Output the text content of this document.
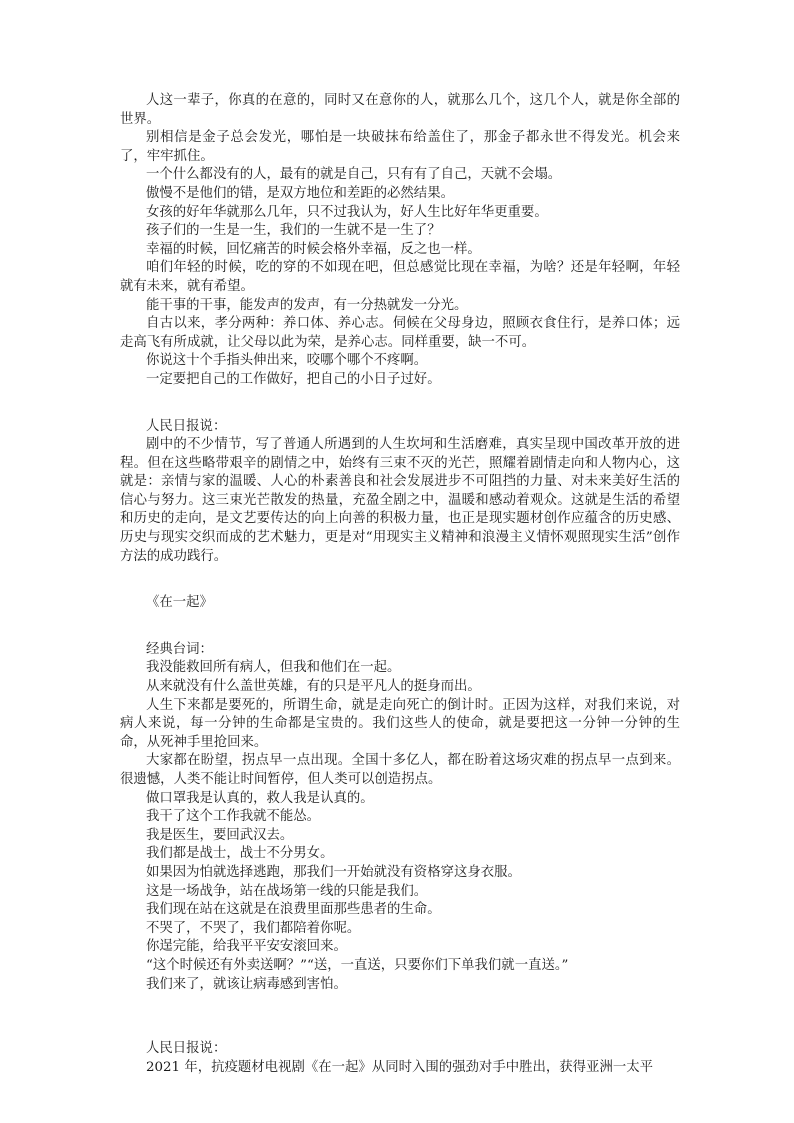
人这一辈子，你真的在意的，同时又在意你的人，就那么几个，这几个人，就是你全部的世界。

别相信是金子总会发光，哪怕是一块破抹布给盖住了，那金子都永世不得发光。机会来了，牢牢抓住。

一个什么都没有的人，最有的就是自己，只有有了自己，天就不会塌。

傲慢不是他们的错，是双方地位和差距的必然结果。

女孩的好年华就那么几年，只不过我认为，好人生比好年华更重要。

孩子们的一生是一生，我们的一生就不是一生了？

幸福的时候，回忆痛苦的时候会格外幸福，反之也一样。

咱们年轻的时候，吃的穿的不如现在吧，但总感觉比现在幸福，为啥？还是年轻啊，年轻就有未来，就有希望。

能干事的干事，能发声的发声，有一分热就发一分光。

自古以来，孝分两种：养口体、养心志。伺候在父母身边，照顾衣食住行，是养口体；远走高飞有所成就，让父母以此为荣，是养心志。同样重要，缺一不可。

你说这十个手指头伸出来，咬哪个哪个不疼啊。

一定要把自己的工作做好，把自己的小日子过好。

人民日报说：

剧中的不少情节，写了普通人所遇到的人生坎坷和生活磨难，真实呈现中国改革开放的进程。但在这些略带艰辛的剧情之中，始终有三束不灭的光芒，照耀着剧情走向和人物内心，这就是：亲情与家的温暖、人心的朴素善良和社会发展进步不可阻挡的力量、对未来美好生活的信心与努力。这三束光芒散发的热量，充盈全剧之中，温暖和感动着观众。这就是生活的希望和历史的走向，是文艺要传达的向上向善的积极力量，也正是现实题材创作应蕴含的历史感、历史与现实交织而成的艺术魅力，更是对“用现实主义精神和浪漫主义情怀观照现实生活”创作方法的成功践行。

《在一起》

经典台词：

我没能救回所有病人，但我和他们在一起。

从来就没有什么盖世英雄，有的只是平凡人的挺身而出。

人生下来都是要死的，所谓生命，就是走向死亡的倒计时。正因为这样，对我们来说，对病人来说，每一分钟的生命都是宝贵的。我们这些人的使命，就是要把这一分钟一分钟的生命，从死神手里抢回来。

大家都在盼望，拐点早一点出现。全国十多亿人，都在盼着这场灾难的拐点早一点到来。很遗憾，人类不能让时间暂停，但人类可以创造拐点。

做口罩我是认真的，救人我是认真的。

我干了这个工作我就不能怂。

我是医生，要回武汉去。

我们都是战士，战士不分男女。

如果因为怕就选择逃跑，那我们一开始就没有资格穿这身衣服。

这是一场战争，站在战场第一线的只能是我们。

我们现在站在这就是在浪费里面那些患者的生命。

不哭了，不哭了，我们都陪着你呢。

你逞完能，给我平平安安滚回来。

“这个时候还有外卖送啊？”“送，一直送，只要你们下单我们就一直送。”

我们来了，就该让病毒感到害怕。

人民日报说：

2021 年，抗疫题材电视剧《在一起》从同时入围的强劲对手中胜出，获得亚洲一太平
